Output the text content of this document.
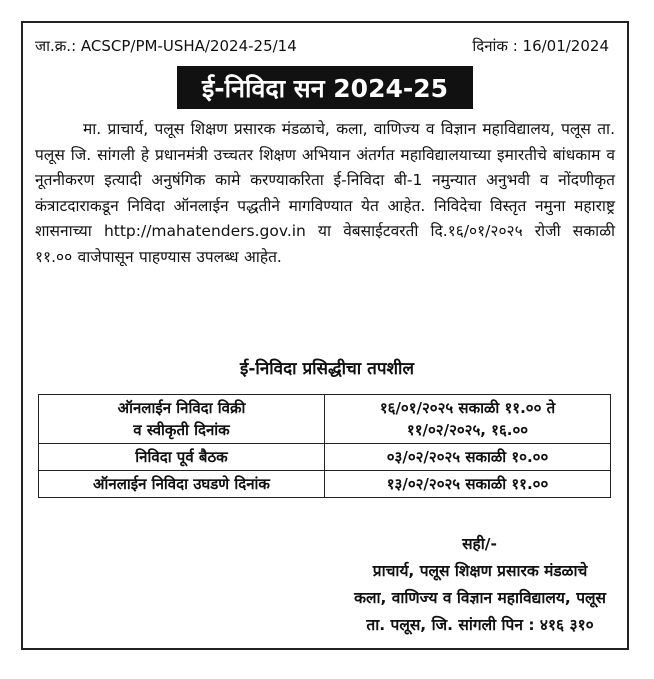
जा.क्र.: ACSCP/PM-USHA/2024-25/14	दिनांक : 16/01/2024
ई-निविदा सन 2024-25

मा. प्राचार्य, पलूस शिक्षण प्रसारक मंडळाचे, कला, वाणिज्य व विज्ञान महाविद्यालय, पलूस ता. पलूस जि. सांगली हे प्रधानमंत्री उच्चतर शिक्षण अभियान अंतर्गत महाविद्यालयाच्या इमारतीचे बांधकाम व नूतनीकरण इत्यादी अनुषंगिक कामे करण्याकरिता ई-निविदा बी-1 नमुन्यात अनुभवी व नोंदणीकृत कंत्राटदाराकडून निविदा ऑनलाईन पद्धतीने मागविण्यात येत आहेत. निविदेचा विस्तृत नमुना महाराष्ट्र शासनाच्या http://mahatenders.gov.in या वेबसाईटवरती दि.१६/०१/२०२५ रोजी सकाळी ११.०० वाजेपासून पाहण्यास उपलब्ध आहेत.

ई-निविदा प्रसिद्धीचा तपशील
ऑनलाईन निविदा विक्री
व स्वीकृती दिनांक	१६/०१/२०२५ सकाळी ११.०० ते
११/०२/२०२५, १६.००

निविदा पूर्व बैठक	०३/०२/२०२५ सकाळी १०.००
ऑनलाईन निविदा उघडणे दिनांक	१३/०२/२०२५ सकाळी ११.००
सही/-
प्राचार्य, पलूस शिक्षण प्रसारक मंडळाचे
कला, वाणिज्य व विज्ञान महाविद्यालय, पलूस
ता. पलूस, जि. सांगली पिन : ४१६ ३१०
